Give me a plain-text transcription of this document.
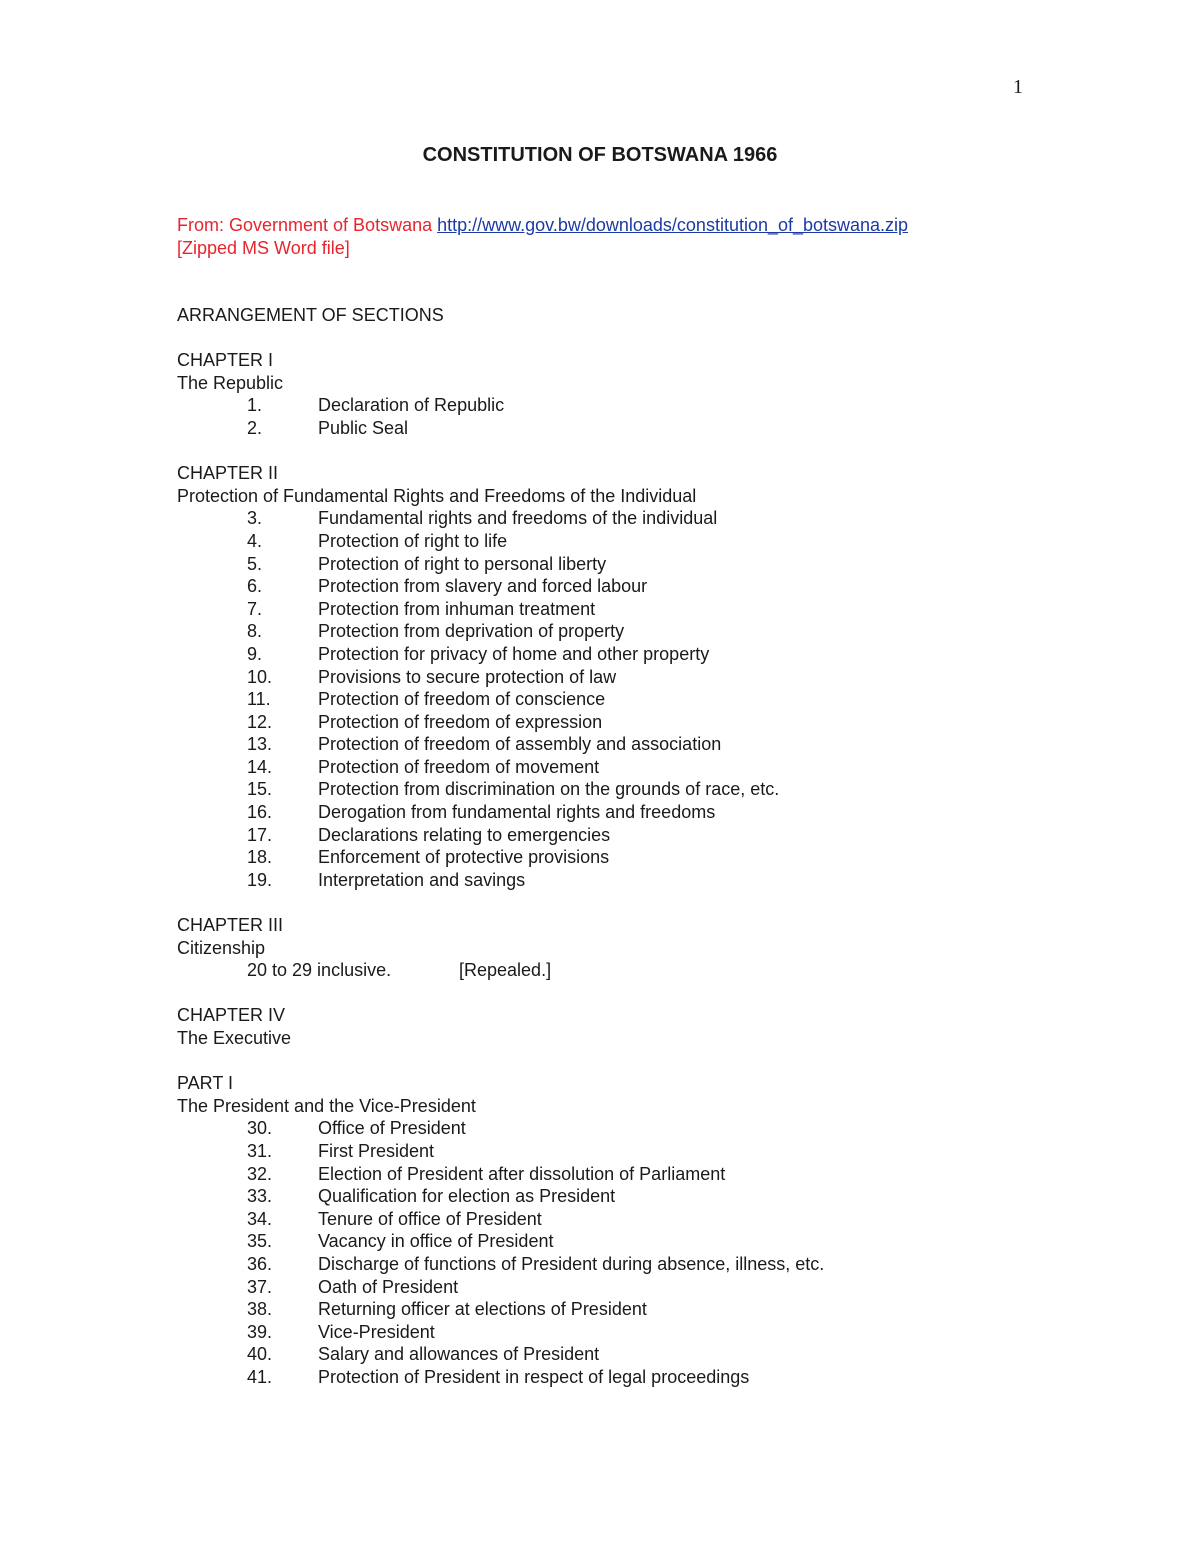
1
CONSTITUTION OF BOTSWANA 1966
From: Government of Botswana http://www.gov.bw/downloads/constitution_of_botswana.zip
[Zipped MS Word file]
ARRANGEMENT OF SECTIONS
CHAPTER I
The Republic
1.	Declaration of Republic
2.	Public Seal
CHAPTER II
Protection of Fundamental Rights and Freedoms of the Individual
3.	Fundamental rights and freedoms of the individual
4.	Protection of right to life
5.	Protection of right to personal liberty
6.	Protection from slavery and forced labour
7.	Protection from inhuman treatment
8.	Protection from deprivation of property
9.	Protection for privacy of home and other property
10.	Provisions to secure protection of law
11.	Protection of freedom of conscience
12.	Protection of freedom of expression
13.	Protection of freedom of assembly and association
14.	Protection of freedom of movement
15.	Protection from discrimination on the grounds of race, etc.
16.	Derogation from fundamental rights and freedoms
17.	Declarations relating to emergencies
18.	Enforcement of protective provisions
19.	Interpretation and savings
CHAPTER III
Citizenship
20 to 29 inclusive.	[Repealed.]
CHAPTER IV
The Executive
PART I
The President and the Vice-President
30.	Office of President
31.	First President
32.	Election of President after dissolution of Parliament
33.	Qualification for election as President
34.	Tenure of office of President
35.	Vacancy in office of President
36.	Discharge of functions of President during absence, illness, etc.
37.	Oath of President
38.	Returning officer at elections of President
39.	Vice-President
40.	Salary and allowances of President
41.	Protection of President in respect of legal proceedings
